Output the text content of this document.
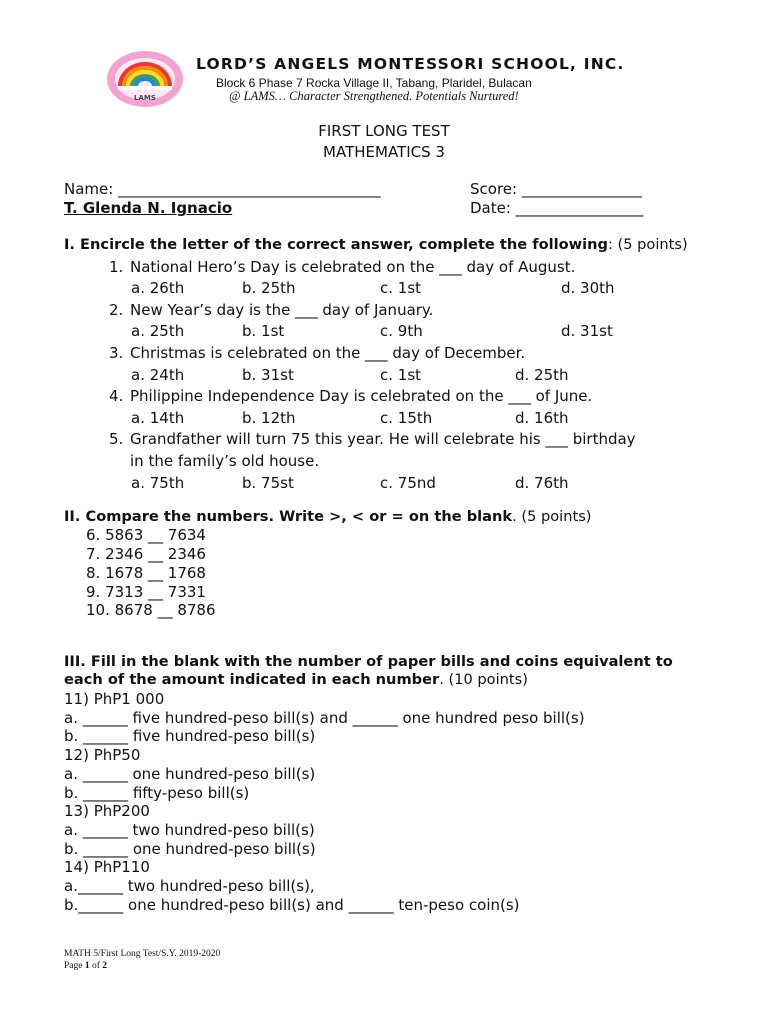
LAMS
LORD’S ANGELS MONTESSORI SCHOOL, INC.
Block 6 Phase 7 Rocka Village II, Tabang, Plaridel, Bulacan
@ LAMS… Character Strengthened. Potentials Nurtured!
FIRST LONG TEST
MATHEMATICS 3
Name: ___________________________________	Score: ________________
T. Glenda N. Ignacio	Date: _________________
I. Encircle the letter of the correct answer, complete the following: (5 points)
1. National Hero’s Day is celebrated on the ___ day of August.
a. 26th	b. 25th	c. 1st	d. 30th
2. New Year’s day is the ___ day of January.
a. 25th	b. 1st	c. 9th	d. 31st
3. Christmas is celebrated on the ___ day of December.
a. 24th	b. 31st	c. 1st	d. 25th
4. Philippine Independence Day is celebrated on the ___ of June.
a. 14th	b. 12th	c. 15th	d. 16th
5. Grandfather will turn 75 this year. He will celebrate his ___ birthday
in the family’s old house.
a. 75th	b. 75st	c. 75nd	d. 76th
II. Compare the numbers. Write >, < or = on the blank. (5 points)
6. 5863 __ 7634
7. 2346 __ 2346
8. 1678 __ 1768
9. 7313 __ 7331
10. 8678 __ 8786
III. Fill in the blank with the number of paper bills and coins equivalent to
each of the amount indicated in each number. (10 points)
11) PhP1 000
a. ______ five hundred-peso bill(s) and ______ one hundred peso bill(s)
b. ______ five hundred-peso bill(s)
12) PhP50
a. ______ one hundred-peso bill(s)
b. ______ fifty-peso bill(s)
13) PhP200
a. ______ two hundred-peso bill(s)
b. ______ one hundred-peso bill(s)
14) PhP110
a.______ two hundred-peso bill(s),
b.______ one hundred-peso bill(s) and ______ ten-peso coin(s)
MATH 5/First Long Test/S.Y. 2019-2020
Page 1 of 2
